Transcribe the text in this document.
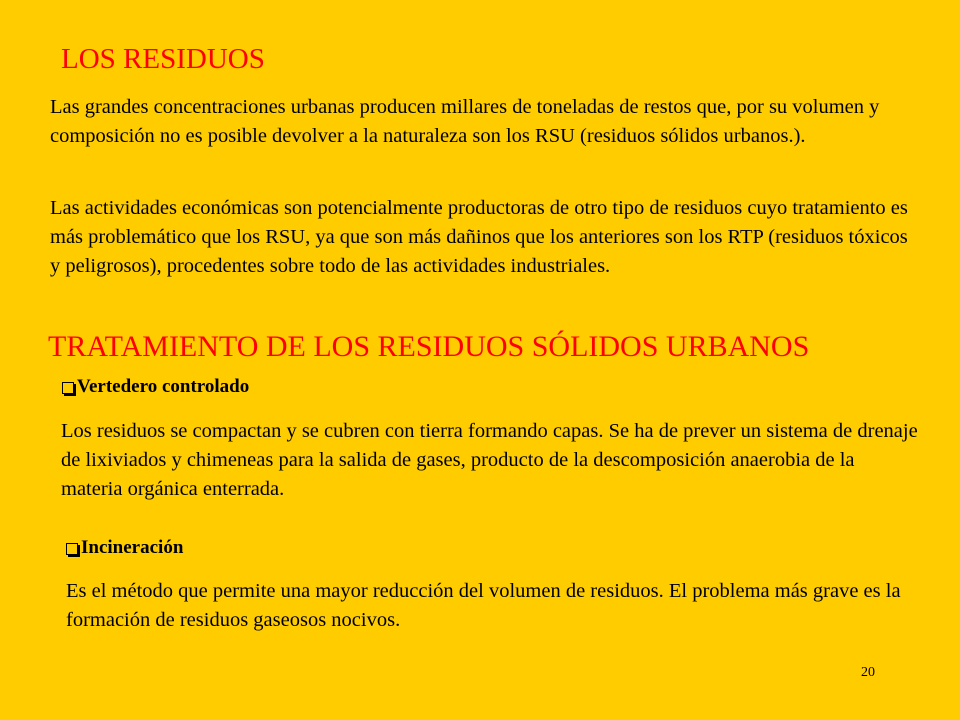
LOS RESIDUOS

Las grandes concentraciones urbanas producen millares de toneladas de restos que, por su volumen y composición no es posible devolver a la naturaleza son los RSU (residuos sólidos urbanos.).

Las actividades económicas son potencialmente productoras de otro tipo de residuos cuyo tratamiento es más problemático que los RSU, ya que son más dañinos que los anteriores son los RTP (residuos tóxicos y peligrosos), procedentes sobre todo de las actividades industriales.

TRATAMIENTO DE LOS RESIDUOS SÓLIDOS URBANOS
Vertedero controlado

Los residuos se compactan y se cubren con tierra formando capas. Se ha de prever un sistema de drenaje de lixiviados y chimeneas para la salida de gases, producto de la descomposición anaerobia de la materia orgánica enterrada.

Incineración

Es el método que permite una mayor reducción del volumen de residuos. El problema más grave es la formación de residuos gaseosos nocivos.

20
